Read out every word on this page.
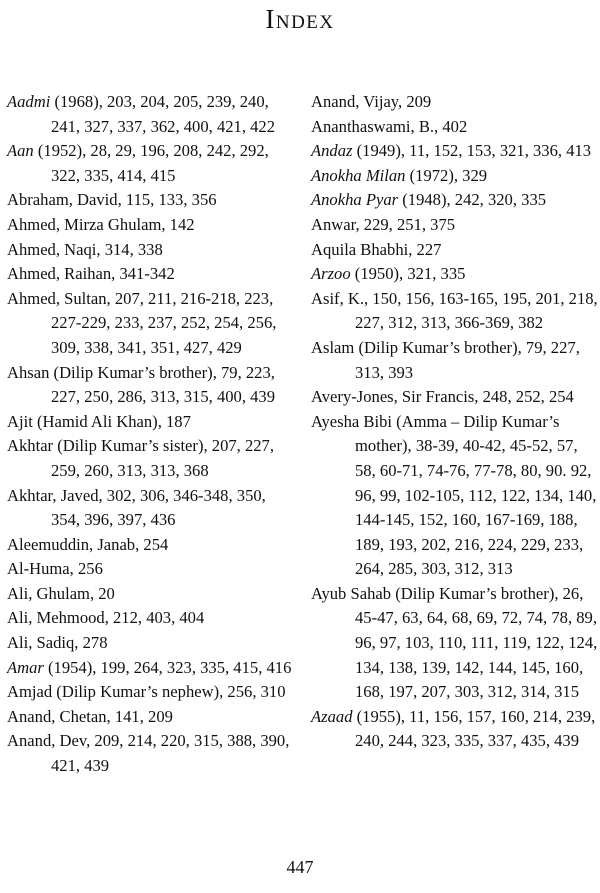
Index
Aadmi (1968), 203, 204, 205, 239, 240, 241, 327, 337, 362, 400, 421, 422
Aan (1952), 28, 29, 196, 208, 242, 292, 322, 335, 414, 415
Abraham, David, 115, 133, 356
Ahmed, Mirza Ghulam, 142
Ahmed, Naqi, 314, 338
Ahmed, Raihan, 341-342
Ahmed, Sultan, 207, 211, 216-218, 223, 227-229, 233, 237, 252, 254, 256, 309, 338, 341, 351, 427, 429
Ahsan (Dilip Kumar’s brother), 79, 223, 227, 250, 286, 313, 315, 400, 439
Ajit (Hamid Ali Khan), 187
Akhtar (Dilip Kumar’s sister), 207, 227, 259, 260, 313, 313, 368
Akhtar, Javed, 302, 306, 346-348, 350, 354, 396, 397, 436
Aleemuddin, Janab, 254
Al-Huma, 256
Ali, Ghulam, 20
Ali, Mehmood, 212, 403, 404
Ali, Sadiq, 278
Amar (1954), 199, 264, 323, 335, 415, 416
Amjad (Dilip Kumar’s nephew), 256, 310
Anand, Chetan, 141, 209
Anand, Dev, 209, 214, 220, 315, 388, 390, 421, 439
Anand, Vijay, 209
Ananthaswami, B., 402
Andaz (1949), 11, 152, 153, 321, 336, 413
Anokha Milan (1972), 329
Anokha Pyar (1948), 242, 320, 335
Anwar, 229, 251, 375
Aquila Bhabhi, 227
Arzoo (1950), 321, 335
Asif, K., 150, 156, 163-165, 195, 201, 218, 227, 312, 313, 366-369, 382
Aslam (Dilip Kumar’s brother), 79, 227, 313, 393
Avery-Jones, Sir Francis, 248, 252, 254
Ayesha Bibi (Amma – Dilip Kumar’s mother), 38-39, 40-42, 45-52, 57, 58, 60-71, 74-76, 77-78, 80, 90. 92, 96, 99, 102-105, 112, 122, 134, 140, 144-145, 152, 160, 167-169, 188, 189, 193, 202, 216, 224, 229, 233, 264, 285, 303, 312, 313
Ayub Sahab (Dilip Kumar’s brother), 26, 45-47, 63, 64, 68, 69, 72, 74, 78, 89, 96, 97, 103, 110, 111, 119, 122, 124, 134, 138, 139, 142, 144, 145, 160, 168, 197, 207, 303, 312, 314, 315
Azaad (1955), 11, 156, 157, 160, 214, 239, 240, 244, 323, 335, 337, 435, 439
447
